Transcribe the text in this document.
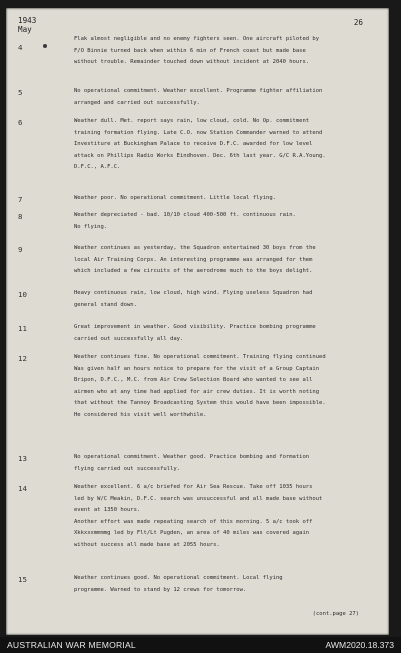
1943
May
26
4
Flak almost negligible and no enemy fighters seen. One aircraft piloted by
F/O Binnie turned back when within 6 min of French coast but made base
without trouble. Remainder touched down without incident at 2040 hours.
5	No operational commitment. Weather excellent. Programme fighter affiliation
arranged and carried out successfully.
6	Weather dull. Met. report says rain, low cloud, cold. No Op. commitment
training formation flying. Late C.O. now Station Commander warned to attend
Investiture at Buckingham Palace to receive D.F.C. awarded for low level
attack on Phillips Radio Works Eindhoven. Dec. 6th last year. G/C R.A.Young.
D.F.C., A.F.C.
7	Weather poor. No operational commitment. Little local flying.
8	Weather depreciated - bad. 10/10 cloud 400-500 ft. continuous rain.
No flying.
9	Weather continues as yesterday, the Squadron entertained 30 boys from the
local Air Training Corps. An interesting programme was arranged for them
which included a few circuits of the aerodrome much to the boys delight.
10	Heavy continuous rain, low cloud, high wind. Flying useless Squadron had
general stand down.
11	Great improvement in weather. Good visibility. Practice bombing programme
carried out successfully all day.
12	Weather continues fine. No operational commitment. Training flying continued
Was given half an hours notice to prepare for the visit of a Group Captain
Bripon, D.F.C., M.C. from Air Crew Selection Board who wanted to see all
airmen who at any time had applied for air crew duties. It is worth noting
that without the Tannoy Broadcasting System this would have been impossible.
He considered his visit well worthwhile.
13	No operational commitment. Weather good. Practice bombing and formation
flying carried out successfully.
14	Weather excellent. 6 a/c briefed for Air Sea Rescue. Take off 1035 hours
led by W/C Meakin, D.F.C. search was unsuccessful and all made base without
event at 1350 hours.
Another effort was made repeating search of this morning. 5 a/c took off
Xkkxxxmmmmg led by Flt/Lt Pugden, an area of 40 miles was covered again
without success all made base at 2055 hours.
15	Weather continues good. No operational commitment. Local flying
programme. Warned to stand by 12 crews for tomorrow.
(cont.page 27)
AUSTRALIAN WAR MEMORIAL	AWM2020.18.373
